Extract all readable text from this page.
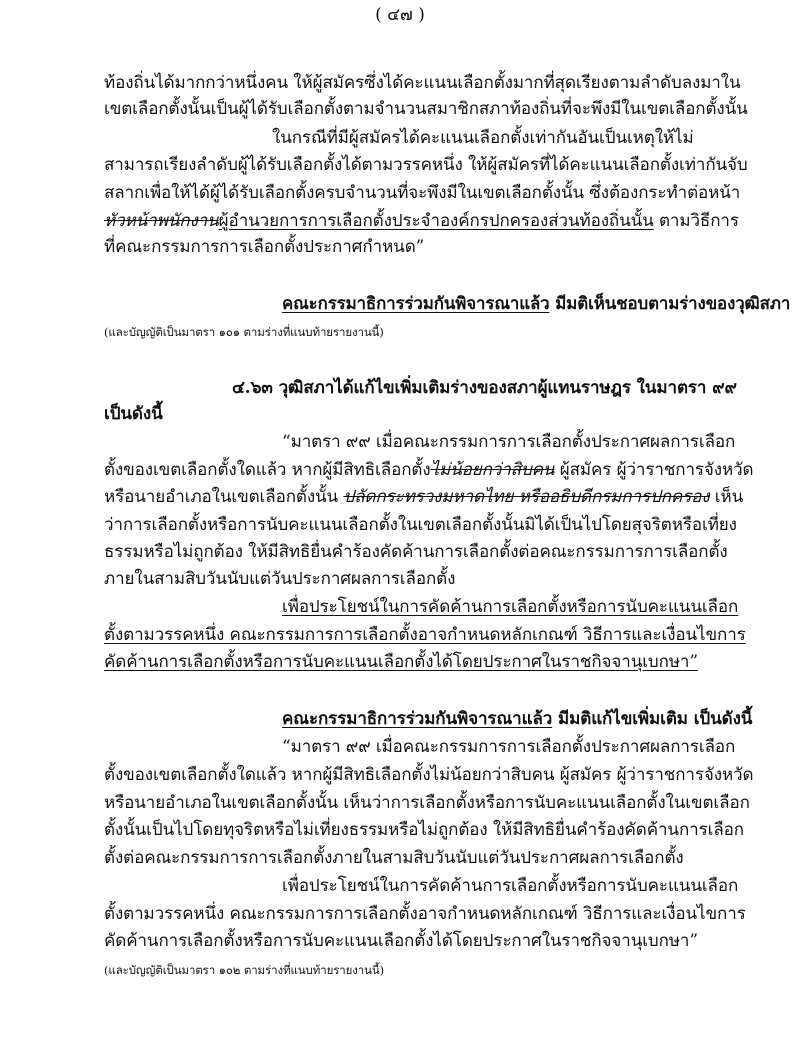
( ๔๗ )
ท้องถิ่นได้มากกว่าหนึ่งคน ให้ผู้สมัครซึ่งได้คะแนนเลือกตั้งมากที่สุดเรียงตามลำดับลงมาใน
เขตเลือกตั้งนั้นเป็นผู้ได้รับเลือกตั้งตามจำนวนสมาชิกสภาท้องถิ่นที่จะพึงมีในเขตเลือกตั้งนั้น
ในกรณีที่มีผู้สมัครได้คะแนนเลือกตั้งเท่ากันอันเป็นเหตุให้ไม่
สามารถเรียงลำดับผู้ได้รับเลือกตั้งได้ตามวรรคหนึ่ง ให้ผู้สมัครที่ได้คะแนนเลือกตั้งเท่ากันจับ
สลากเพื่อให้ได้ผู้ได้รับเลือกตั้งครบจำนวนที่จะพึงมีในเขตเลือกตั้งนั้น ซึ่งต้องกระทำต่อหน้า
หัวหน้าพนักงานผู้อำนวยการการเลือกตั้งประจำองค์กรปกครองส่วนท้องถิ่นนั้น ตามวิธีการ
ที่คณะกรรมการการเลือกตั้งประกาศกำหนด”
คณะกรรมาธิการร่วมกันพิจารณาแล้ว มีมติเห็นชอบตามร่างของวุฒิสภา
(และบัญญัติเป็นมาตรา ๑๐๑ ตามร่างที่แนบท้ายรายงานนี้)
๔.๖๓ วุฒิสภาได้แก้ไขเพิ่มเติมร่างของสภาผู้แทนราษฎร ในมาตรา ๙๙
เป็นดังนี้
“มาตรา ๙๙ เมื่อคณะกรรมการการเลือกตั้งประกาศผลการเลือก
ตั้งของเขตเลือกตั้งใดแล้ว หากผู้มีสิทธิเลือกตั้งไม่น้อยกว่าสิบคน ผู้สมัคร ผู้ว่าราชการจังหวัด
หรือนายอำเภอในเขตเลือกตั้งนั้น ปลัดกระทรวงมหาดไทย หรืออธิบดีกรมการปกครอง เห็น
ว่าการเลือกตั้งหรือการนับคะแนนเลือกตั้งในเขตเลือกตั้งนั้นมิได้เป็นไปโดยสุจริตหรือเที่ยง
ธรรมหรือไม่ถูกต้อง ให้มีสิทธิยื่นคำร้องคัดค้านการเลือกตั้งต่อคณะกรรมการการเลือกตั้ง
ภายในสามสิบวันนับแต่วันประกาศผลการเลือกตั้ง
เพื่อประโยชน์ในการคัดค้านการเลือกตั้งหรือการนับคะแนนเลือก
ตั้งตามวรรคหนึ่ง คณะกรรมการการเลือกตั้งอาจกำหนดหลักเกณฑ์ วิธีการและเงื่อนไขการ
คัดค้านการเลือกตั้งหรือการนับคะแนนเลือกตั้งได้โดยประกาศในราชกิจจานุเบกษา”
คณะกรรมาธิการร่วมกันพิจารณาแล้ว มีมติแก้ไขเพิ่มเติม เป็นดังนี้
“มาตรา ๙๙ เมื่อคณะกรรมการการเลือกตั้งประกาศผลการเลือก
ตั้งของเขตเลือกตั้งใดแล้ว หากผู้มีสิทธิเลือกตั้งไม่น้อยกว่าสิบคน ผู้สมัคร ผู้ว่าราชการจังหวัด
หรือนายอำเภอในเขตเลือกตั้งนั้น เห็นว่าการเลือกตั้งหรือการนับคะแนนเลือกตั้งในเขตเลือก
ตั้งนั้นเป็นไปโดยทุจริตหรือไม่เที่ยงธรรมหรือไม่ถูกต้อง ให้มีสิทธิยื่นคำร้องคัดค้านการเลือก
ตั้งต่อคณะกรรมการการเลือกตั้งภายในสามสิบวันนับแต่วันประกาศผลการเลือกตั้ง
เพื่อประโยชน์ในการคัดค้านการเลือกตั้งหรือการนับคะแนนเลือก
ตั้งตามวรรคหนึ่ง คณะกรรมการการเลือกตั้งอาจกำหนดหลักเกณฑ์ วิธีการและเงื่อนไขการ
คัดค้านการเลือกตั้งหรือการนับคะแนนเลือกตั้งได้โดยประกาศในราชกิจจานุเบกษา”
(และบัญญัติเป็นมาตรา ๑๐๒ ตามร่างที่แนบท้ายรายงานนี้)
